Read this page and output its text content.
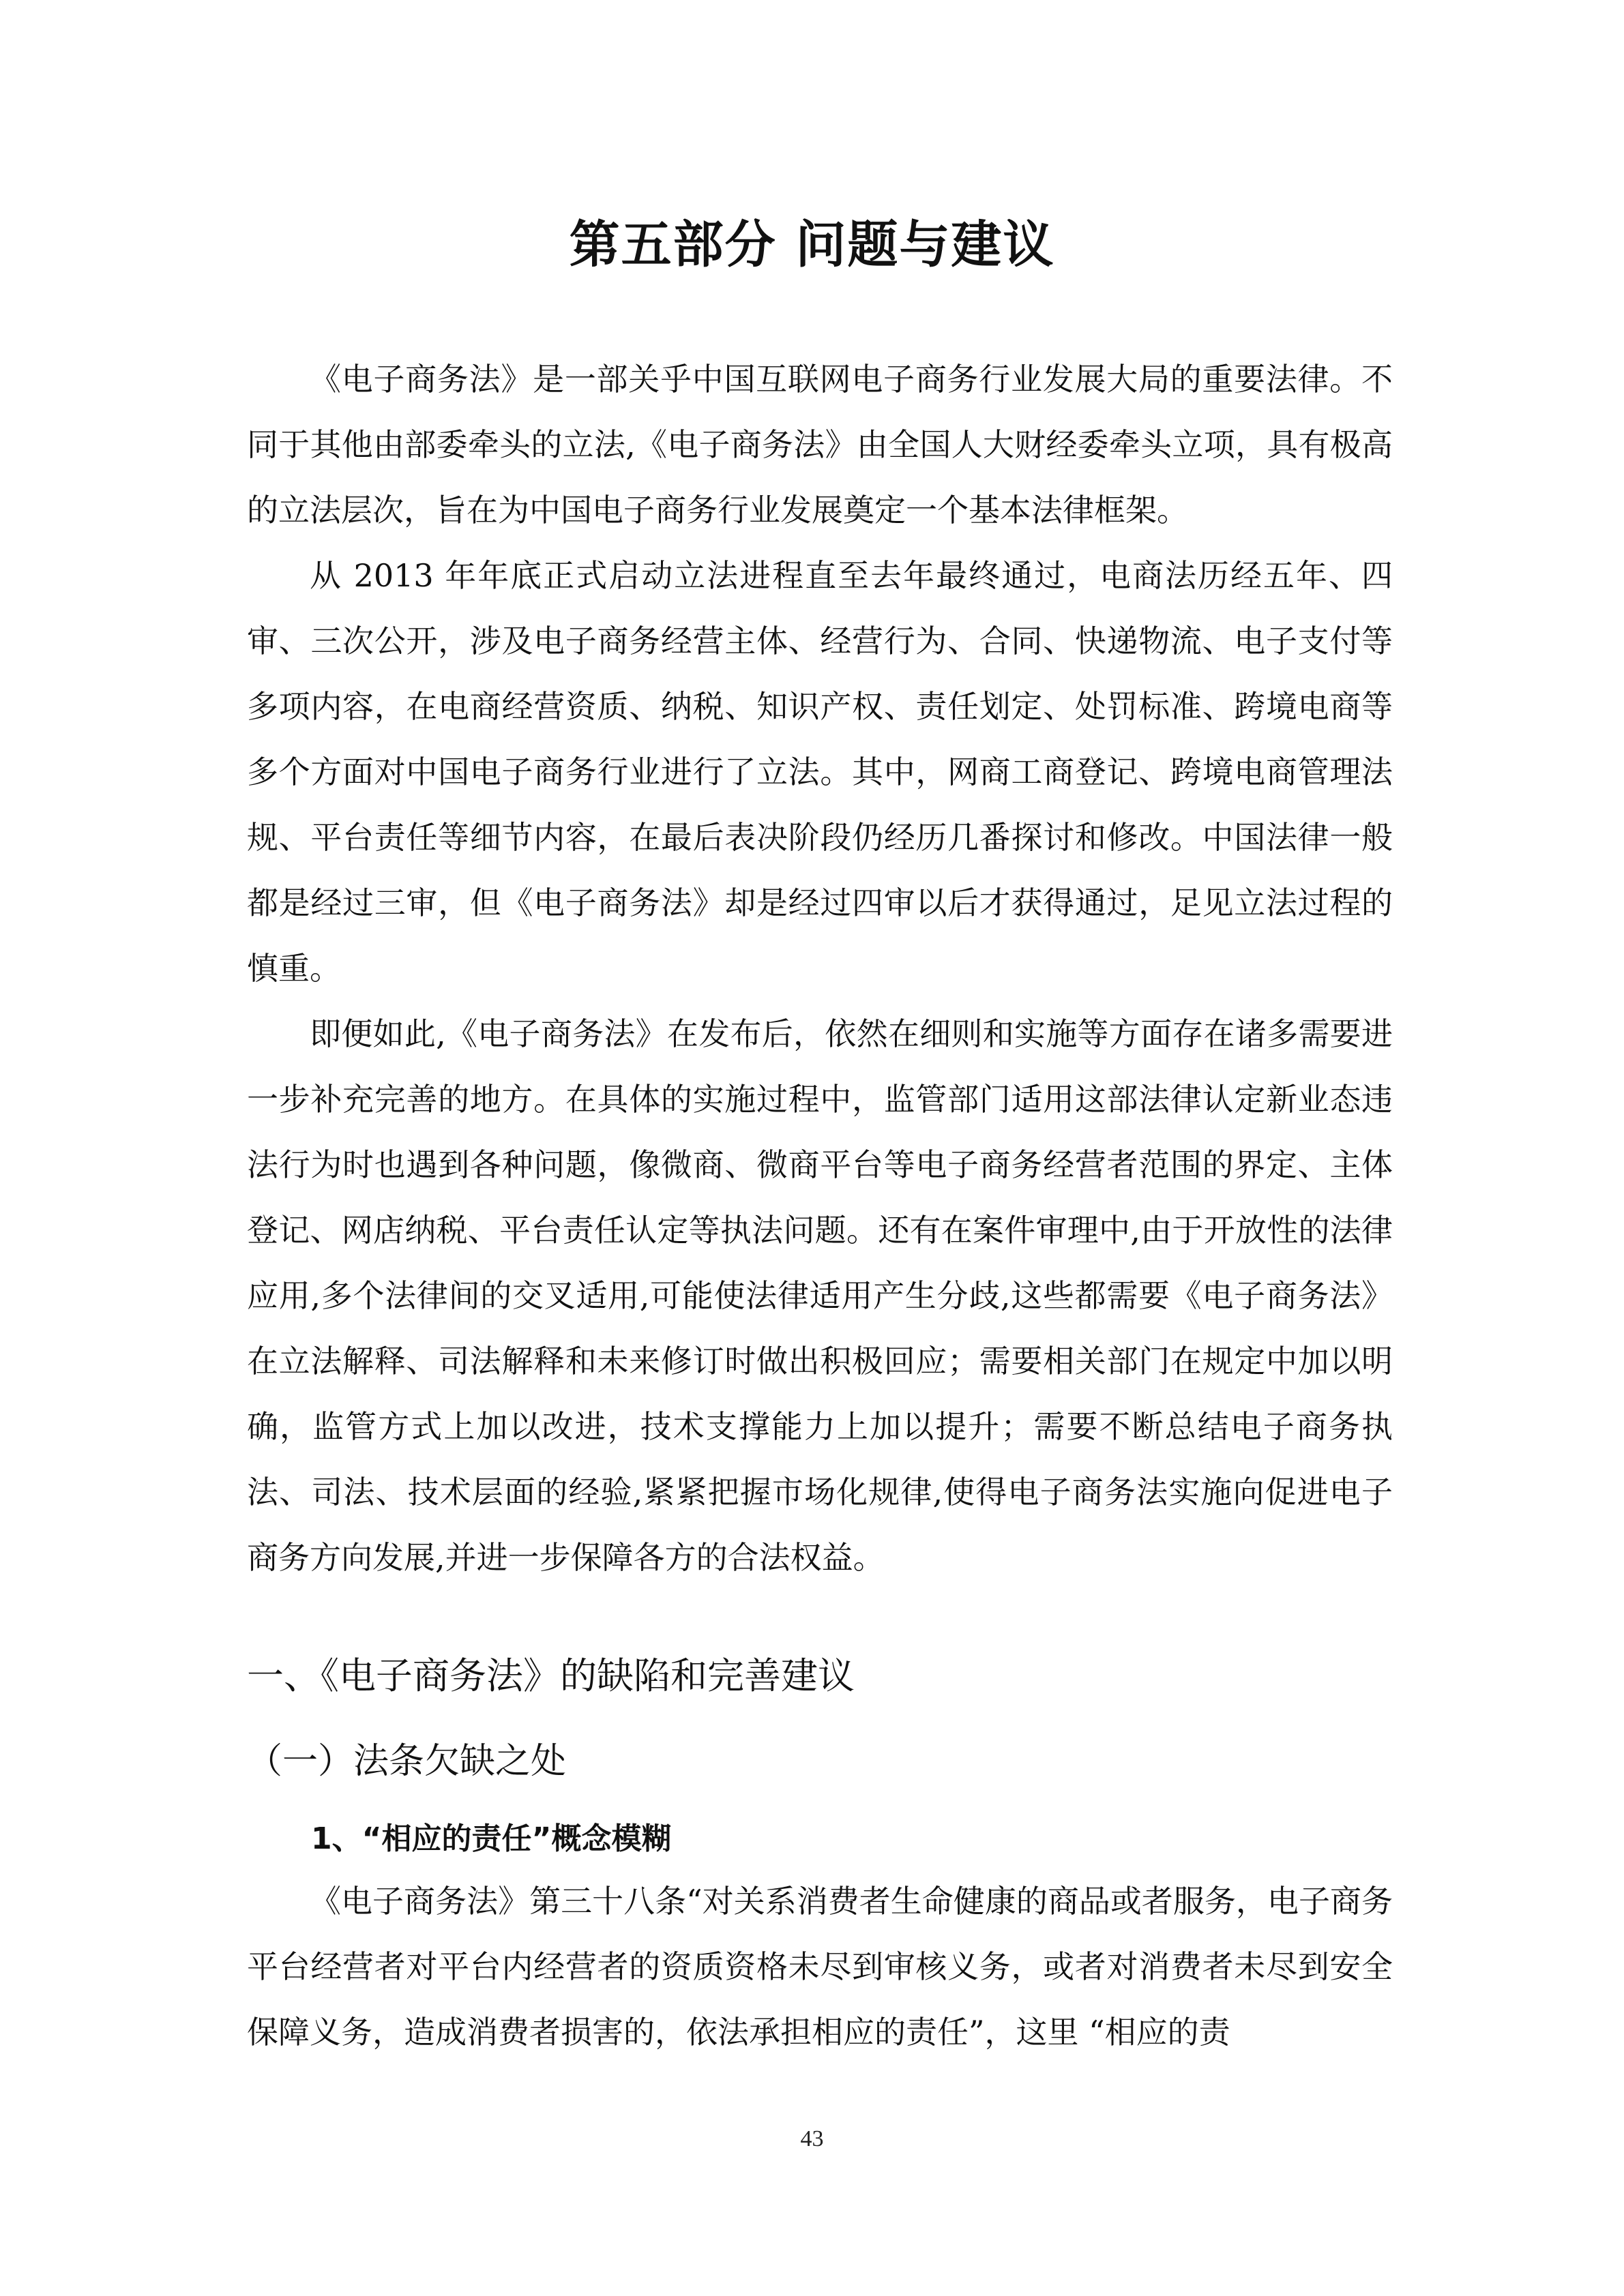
第五部分 问题与建议

《电子商务法》是一部关乎中国互联网电子商务行业发展大局的重要法律。不同于其他由部委牵头的立法,《电子商务法》由全国人大财经委牵头立项，具有极高的立法层次，旨在为中国电子商务行业发展奠定一个基本法律框架。

从 2013 年年底正式启动立法进程直至去年最终通过，电商法历经五年、四审、三次公开，涉及电子商务经营主体、经营行为、合同、快递物流、电子支付等多项内容，在电商经营资质、纳税、知识产权、责任划定、处罚标准、跨境电商等多个方面对中国电子商务行业进行了立法。其中，网商工商登记、跨境电商管理法规、平台责任等细节内容，在最后表决阶段仍经历几番探讨和修改。中国法律一般都是经过三审，但《电子商务法》却是经过四审以后才获得通过，足见立法过程的慎重。

即便如此,《电子商务法》在发布后，依然在细则和实施等方面存在诸多需要进一步补充完善的地方。在具体的实施过程中，监管部门适用这部法律认定新业态违法行为时也遇到各种问题，像微商、微商平台等电子商务经营者范围的界定、主体登记、网店纳税、平台责任认定等执法问题。还有在案件审理中,由于开放性的法律应用,多个法律间的交叉适用,可能使法律适用产生分歧,这些都需要《电子商务法》在立法解释、司法解释和未来修订时做出积极回应；需要相关部门在规定中加以明确，监管方式上加以改进，技术支撑能力上加以提升；需要不断总结电子商务执法、司法、技术层面的经验,紧紧把握市场化规律,使得电子商务法实施向促进电子商务方向发展,并进一步保障各方的合法权益。

一、《电子商务法》的缺陷和完善建议
（一）法条欠缺之处
1、“相应的责任”概念模糊

《电子商务法》第三十八条“对关系消费者生命健康的商品或者服务，电子商务平台经营者对平台内经营者的资质资格未尽到审核义务，或者对消费者未尽到安全保障义务，造成消费者损害的，依法承担相应的责任”，这里 “相应的责

43
